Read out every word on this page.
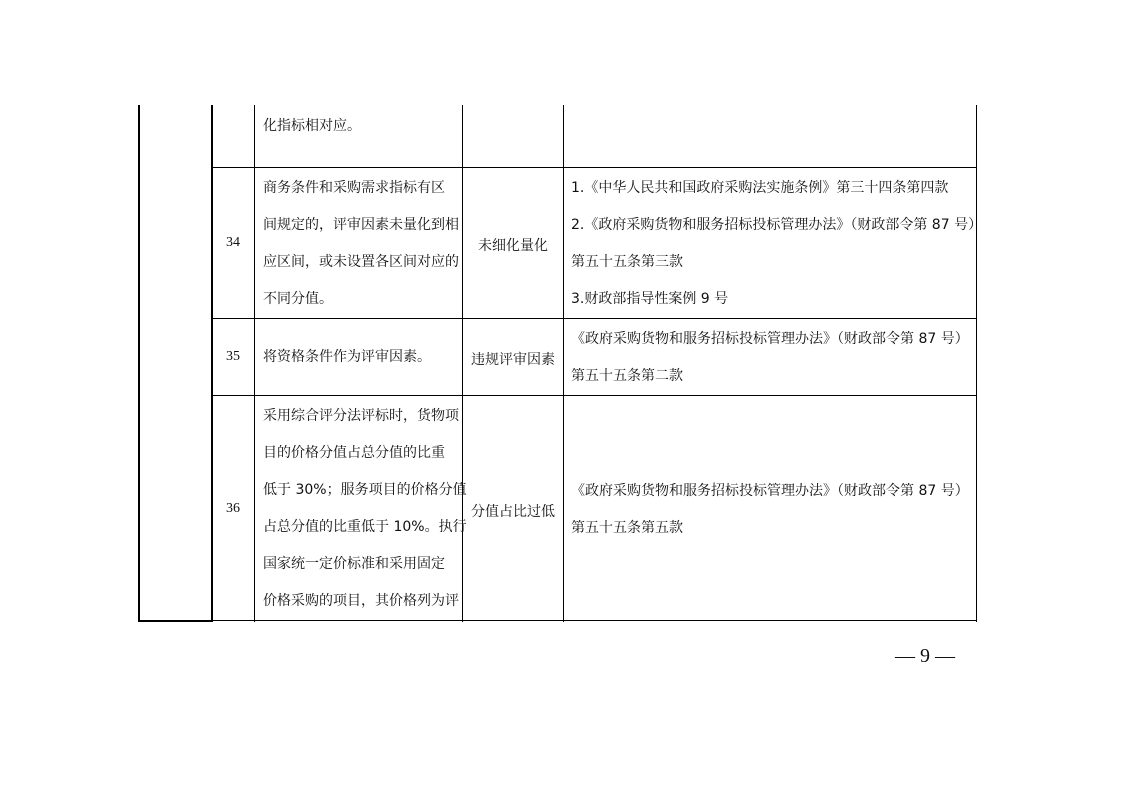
化指标相对应。
34
商务条件和采购需求指标有区
间规定的，评审因素未量化到相
应区间，或未设置各区间对应的
不同分值。
未细化量化
1.《中华人民共和国政府采购法实施条例》第三十四条第四款
2.《政府采购货物和服务招标投标管理办法》（财政部令第 87 号）
第五十五条第三款
3.财政部指导性案例 9 号
35	将资格条件作为评审因素。	违规评审因素
《政府采购货物和服务招标投标管理办法》（财政部令第 87 号）
第五十五条第二款
36
采用综合评分法评标时，货物项
目的价格分值占总分值的比重
低于 30%；服务项目的价格分值
占总分值的比重低于 10%。执行
国家统一定价标准和采用固定
价格采购的项目，其价格列为评
分值占比过低
《政府采购货物和服务招标投标管理办法》（财政部令第 87 号）
第五十五条第五款
— 9 —
